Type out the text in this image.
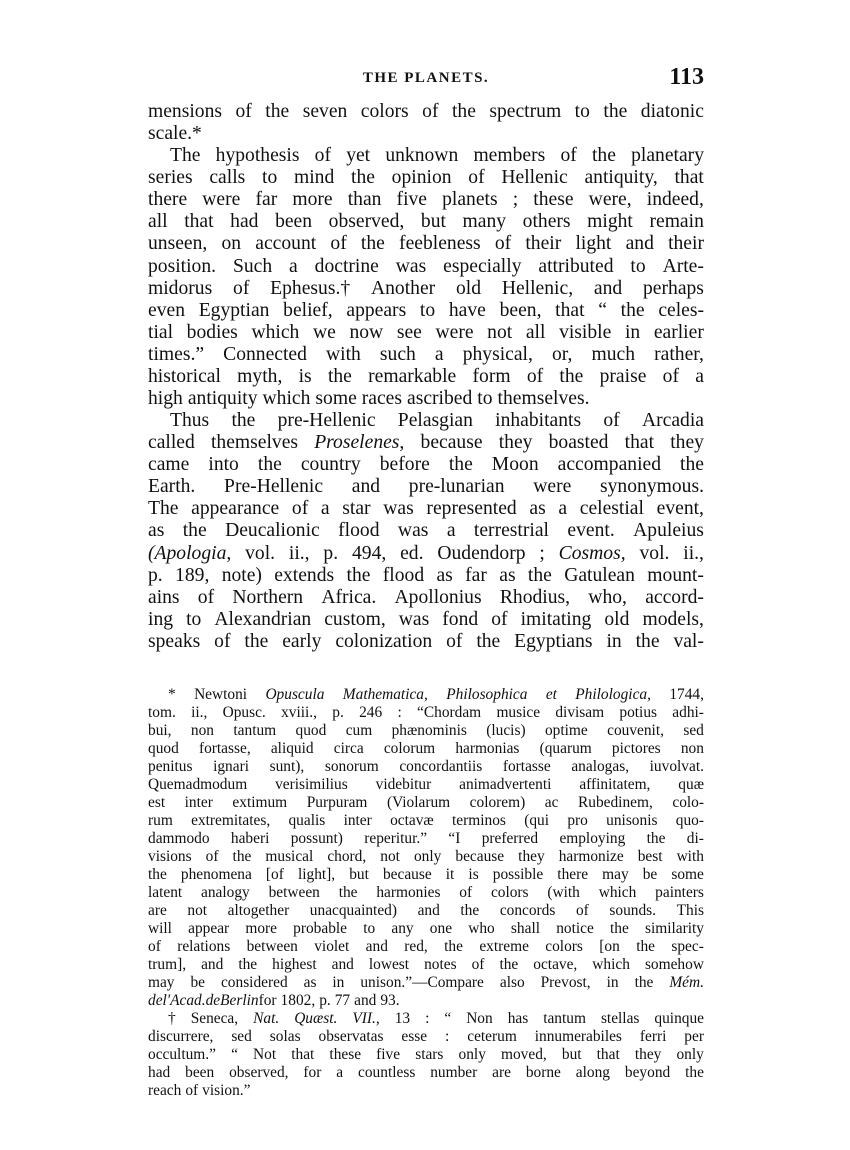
THE PLANETS.	113
mensions of the seven colors of the spectrum to the diatonic
scale.*
The hypothesis of yet unknown members of the planetary
series calls to mind the opinion of Hellenic antiquity, that
there were far more than five planets ; these were, indeed,
all that had been observed, but many others might remain
unseen, on account of the feebleness of their light and their
position. Such a doctrine was especially attributed to Arte-
midorus of Ephesus.† Another old Hellenic, and perhaps
even Egyptian belief, appears to have been, that “ the celes-
tial bodies which we now see were not all visible in earlier
times.” Connected with such a physical, or, much rather,
historical myth, is the remarkable form of the praise of a
high antiquity which some races ascribed to themselves.
Thus the pre-Hellenic Pelasgian inhabitants of Arcadia
called themselves Proselenes, because they boasted that they
came into the country before the Moon accompanied the
Earth. Pre-Hellenic and pre-lunarian were synonymous.
The appearance of a star was represented as a celestial event,
as the Deucalionic flood was a terrestrial event. Apuleius
(Apologia, vol. ii., p. 494, ed. Oudendorp ; Cosmos, vol. ii.,
p. 189, note) extends the flood as far as the Gatulean mount-
ains of Northern Africa. Apollonius Rhodius, who, accord-
ing to Alexandrian custom, was fond of imitating old models,
speaks of the early colonization of the Egyptians in the val-
* Newtoni Opuscula Mathematica, Philosophica et Philologica, 1744,
tom. ii., Opusc. xviii., p. 246 : “Chordam musice divisam potius adhi-
bui, non tantum quod cum phænominis (lucis) optime couvenit, sed
quod fortasse, aliquid circa colorum harmonias (quarum pictores non
penitus ignari sunt), sonorum concordantiis fortasse analogas, iuvolvat.
Quemadmodum verisimilius videbitur animadvertenti affinitatem, quæ
est inter extimum Purpuram (Violarum colorem) ac Rubedinem, colo-
rum extremitates, qualis inter octavæ terminos (qui pro unisonis quo-
dammodo haberi possunt) reperitur.” “I preferred employing the di-
visions of the musical chord, not only because they harmonize best with
the phenomena [of light], but because it is possible there may be some
latent analogy between the harmonies of colors (with which painters
are not altogether unacquainted) and the concords of sounds. This
will appear more probable to any one who shall notice the similarity
of relations between violet and red, the extreme colors [on the spec-
trum], and the highest and lowest notes of the octave, which somehow
may be considered as in unison.”—Compare also Prevost, in the Mém.
de l'Acad. de Berlin for 1802, p. 77 and 93.
† Seneca, Nat. Quæst. VII., 13 : “ Non has tantum stellas quinque
discurrere, sed solas observatas esse : ceterum innumerabiles ferri per
occultum.” “ Not that these five stars only moved, but that they only
had been observed, for a countless number are borne along beyond the
reach of vision.”
